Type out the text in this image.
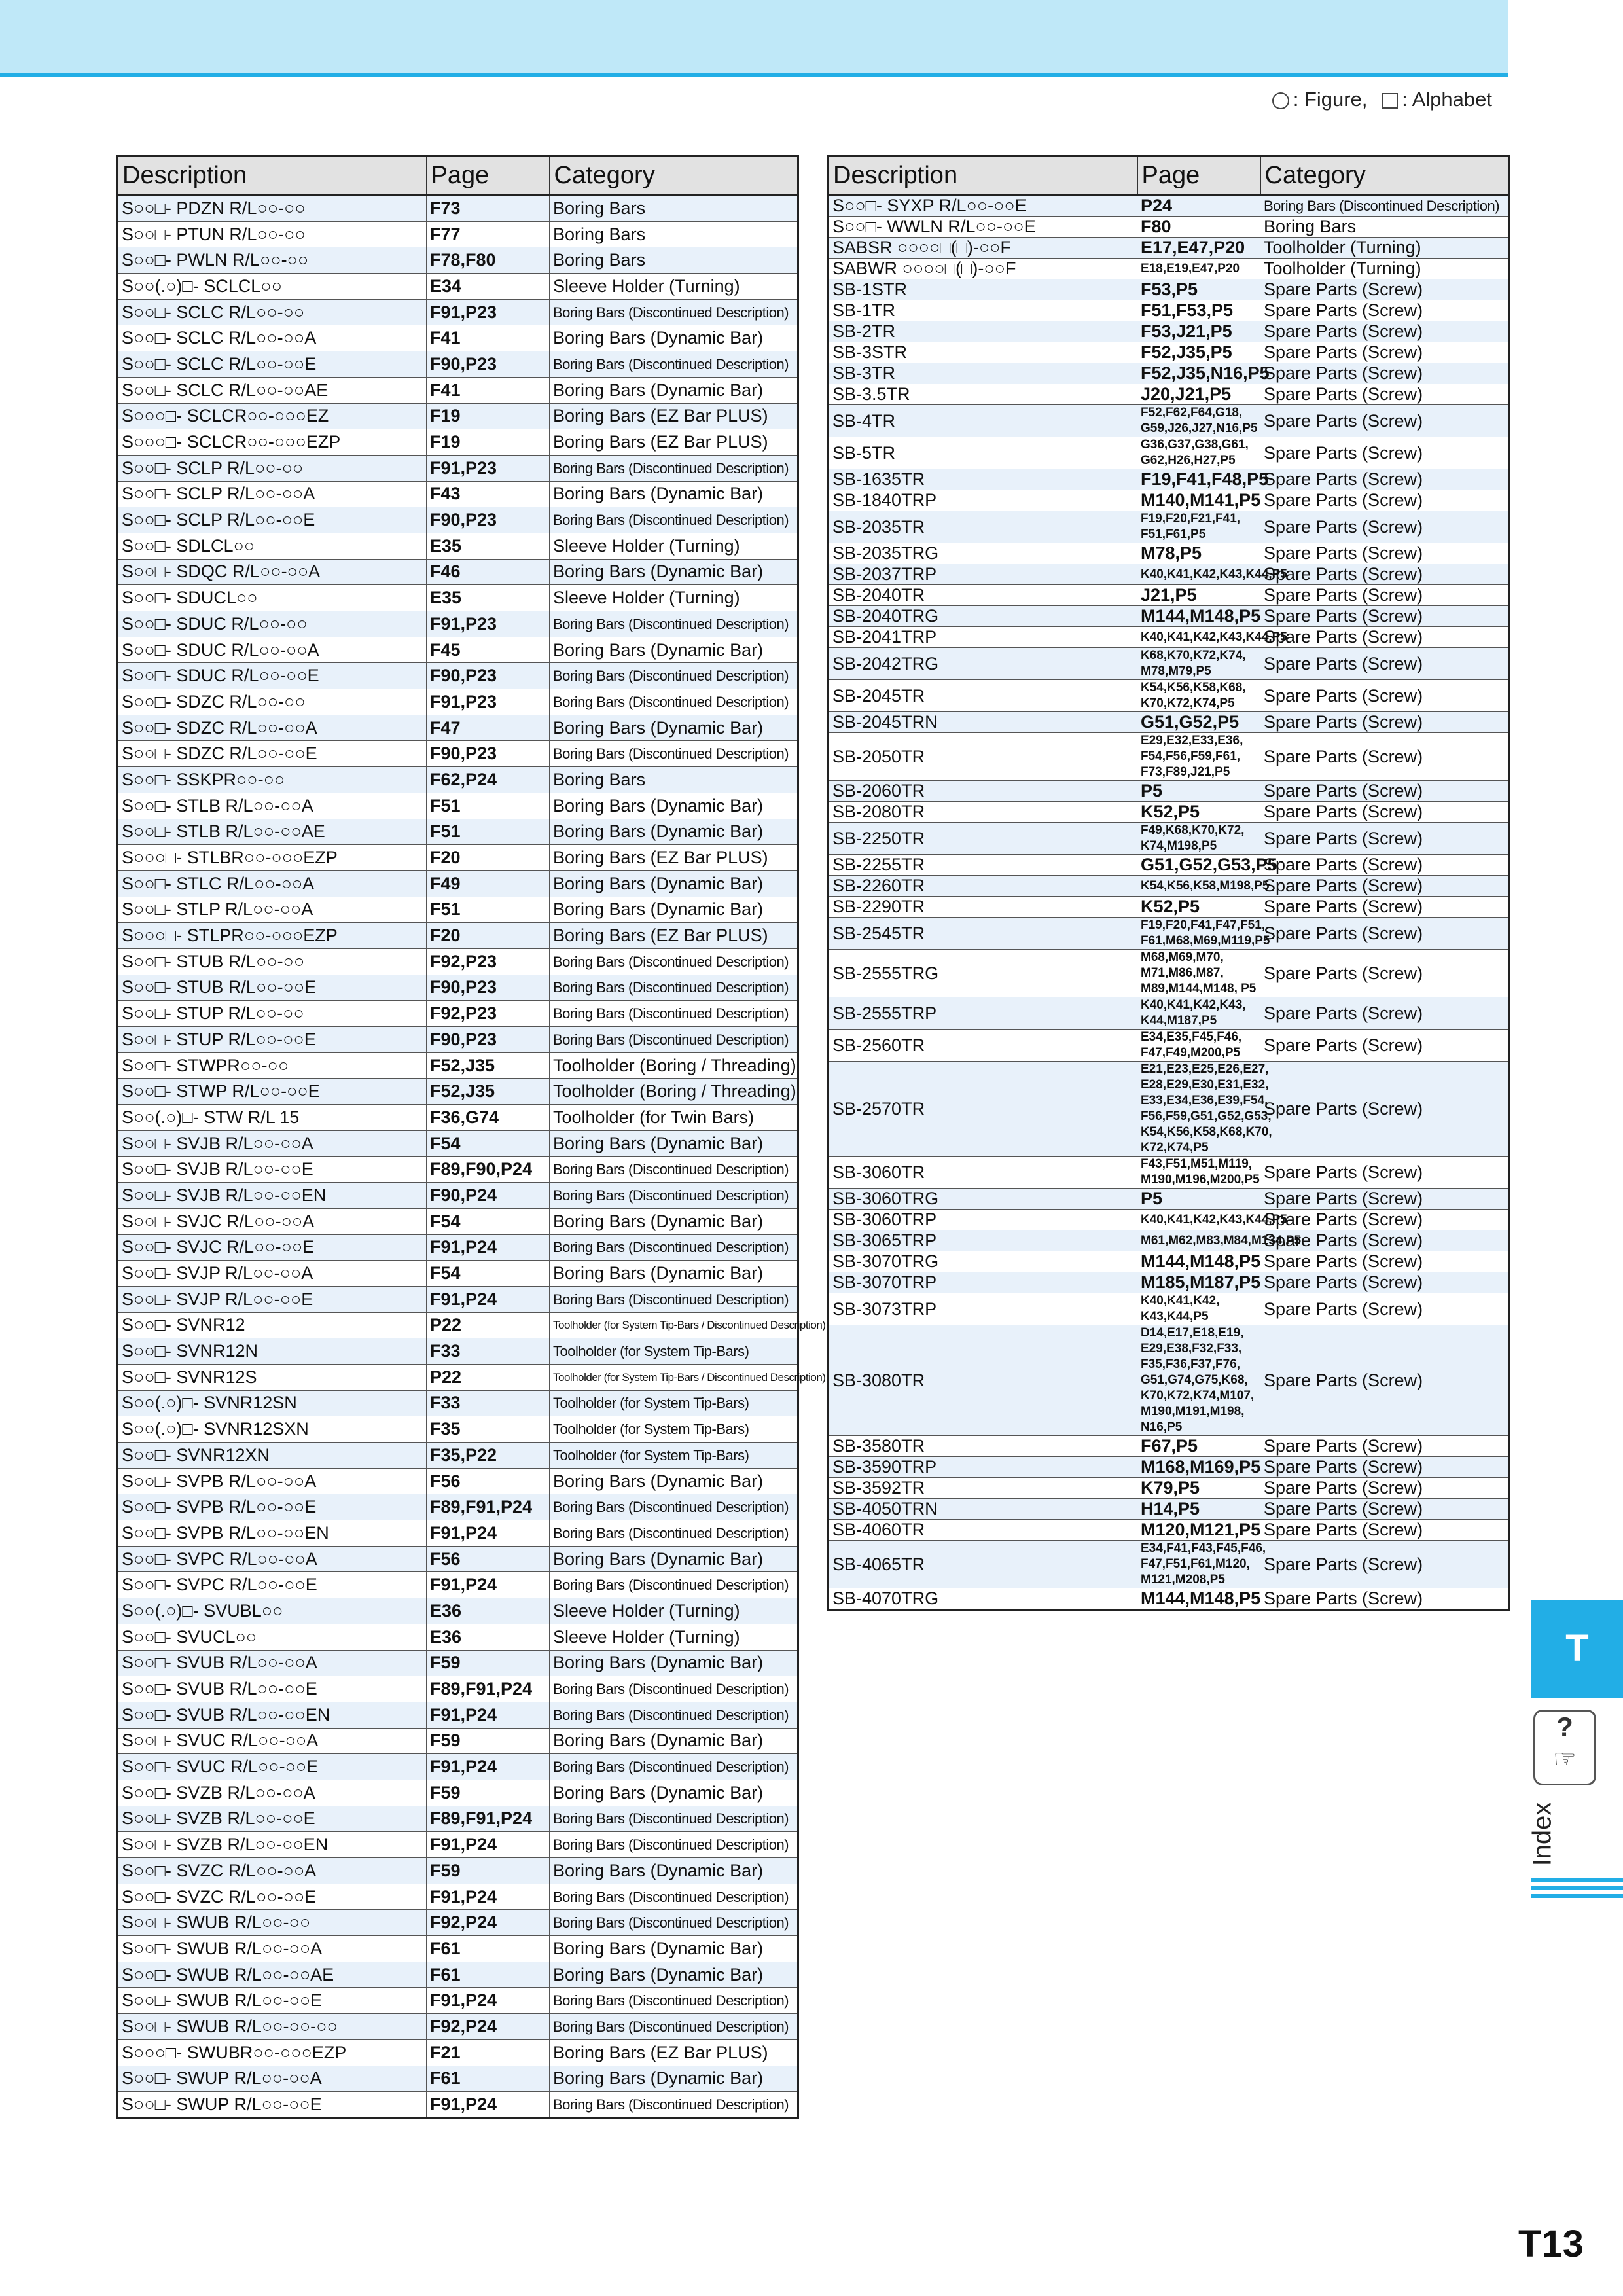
: Figure, : Alphabet
Description	Page	Category
S○○□- PDZN R/L○○-○○	F73	Boring Bars
S○○□- PTUN R/L○○-○○	F77	Boring Bars
S○○□- PWLN R/L○○-○○	F78,F80	Boring Bars
S○○(.○)□- SCLCL○○	E34	Sleeve Holder (Turning)
S○○□- SCLC R/L○○-○○	F91,P23	Boring Bars (Discontinued Description)
S○○□- SCLC R/L○○-○○A	F41	Boring Bars (Dynamic Bar)
S○○□- SCLC R/L○○-○○E	F90,P23	Boring Bars (Discontinued Description)
S○○□- SCLC R/L○○-○○AE	F41	Boring Bars (Dynamic Bar)
S○○○□- SCLCR○○-○○○EZ	F19	Boring Bars (EZ Bar PLUS)
S○○○□- SCLCR○○-○○○EZP	F19	Boring Bars (EZ Bar PLUS)
S○○□- SCLP R/L○○-○○	F91,P23	Boring Bars (Discontinued Description)
S○○□- SCLP R/L○○-○○A	F43	Boring Bars (Dynamic Bar)
S○○□- SCLP R/L○○-○○E	F90,P23	Boring Bars (Discontinued Description)
S○○□- SDLCL○○	E35	Sleeve Holder (Turning)
S○○□- SDQC R/L○○-○○A	F46	Boring Bars (Dynamic Bar)
S○○□- SDUCL○○	E35	Sleeve Holder (Turning)
S○○□- SDUC R/L○○-○○	F91,P23	Boring Bars (Discontinued Description)
S○○□- SDUC R/L○○-○○A	F45	Boring Bars (Dynamic Bar)
S○○□- SDUC R/L○○-○○E	F90,P23	Boring Bars (Discontinued Description)
S○○□- SDZC R/L○○-○○	F91,P23	Boring Bars (Discontinued Description)
S○○□- SDZC R/L○○-○○A	F47	Boring Bars (Dynamic Bar)
S○○□- SDZC R/L○○-○○E	F90,P23	Boring Bars (Discontinued Description)
S○○□- SSKPR○○-○○	F62,P24	Boring Bars
S○○□- STLB R/L○○-○○A	F51	Boring Bars (Dynamic Bar)
S○○□- STLB R/L○○-○○AE	F51	Boring Bars (Dynamic Bar)
S○○○□- STLBR○○-○○○EZP	F20	Boring Bars (EZ Bar PLUS)
S○○□- STLC R/L○○-○○A	F49	Boring Bars (Dynamic Bar)
S○○□- STLP R/L○○-○○A	F51	Boring Bars (Dynamic Bar)
S○○○□- STLPR○○-○○○EZP	F20	Boring Bars (EZ Bar PLUS)
S○○□- STUB R/L○○-○○	F92,P23	Boring Bars (Discontinued Description)
S○○□- STUB R/L○○-○○E	F90,P23	Boring Bars (Discontinued Description)
S○○□- STUP R/L○○-○○	F92,P23	Boring Bars (Discontinued Description)
S○○□- STUP R/L○○-○○E	F90,P23	Boring Bars (Discontinued Description)
S○○□- STWPR○○-○○	F52,J35	Toolholder (Boring / Threading)
S○○□- STWP R/L○○-○○E	F52,J35	Toolholder (Boring / Threading)
S○○(.○)□- STW R/L 15	F36,G74	Toolholder (for Twin Bars)
S○○□- SVJB R/L○○-○○A	F54	Boring Bars (Dynamic Bar)
S○○□- SVJB R/L○○-○○E	F89,F90,P24	Boring Bars (Discontinued Description)
S○○□- SVJB R/L○○-○○EN	F90,P24	Boring Bars (Discontinued Description)
S○○□- SVJC R/L○○-○○A	F54	Boring Bars (Dynamic Bar)
S○○□- SVJC R/L○○-○○E	F91,P24	Boring Bars (Discontinued Description)
S○○□- SVJP R/L○○-○○A	F54	Boring Bars (Dynamic Bar)
S○○□- SVJP R/L○○-○○E	F91,P24	Boring Bars (Discontinued Description)
S○○□- SVNR12	P22	Toolholder (for System Tip-Bars / Discontinued Description)
S○○□- SVNR12N	F33	Toolholder (for System Tip-Bars)
S○○□- SVNR12S	P22	Toolholder (for System Tip-Bars / Discontinued Description)
S○○(.○)□- SVNR12SN	F33	Toolholder (for System Tip-Bars)
S○○(.○)□- SVNR12SXN	F35	Toolholder (for System Tip-Bars)
S○○□- SVNR12XN	F35,P22	Toolholder (for System Tip-Bars)
S○○□- SVPB R/L○○-○○A	F56	Boring Bars (Dynamic Bar)
S○○□- SVPB R/L○○-○○E	F89,F91,P24	Boring Bars (Discontinued Description)
S○○□- SVPB R/L○○-○○EN	F91,P24	Boring Bars (Discontinued Description)
S○○□- SVPC R/L○○-○○A	F56	Boring Bars (Dynamic Bar)
S○○□- SVPC R/L○○-○○E	F91,P24	Boring Bars (Discontinued Description)
S○○(.○)□- SVUBL○○	E36	Sleeve Holder (Turning)
S○○□- SVUCL○○	E36	Sleeve Holder (Turning)
S○○□- SVUB R/L○○-○○A	F59	Boring Bars (Dynamic Bar)
S○○□- SVUB R/L○○-○○E	F89,F91,P24	Boring Bars (Discontinued Description)
S○○□- SVUB R/L○○-○○EN	F91,P24	Boring Bars (Discontinued Description)
S○○□- SVUC R/L○○-○○A	F59	Boring Bars (Dynamic Bar)
S○○□- SVUC R/L○○-○○E	F91,P24	Boring Bars (Discontinued Description)
S○○□- SVZB R/L○○-○○A	F59	Boring Bars (Dynamic Bar)
S○○□- SVZB R/L○○-○○E	F89,F91,P24	Boring Bars (Discontinued Description)
S○○□- SVZB R/L○○-○○EN	F91,P24	Boring Bars (Discontinued Description)
S○○□- SVZC R/L○○-○○A	F59	Boring Bars (Dynamic Bar)
S○○□- SVZC R/L○○-○○E	F91,P24	Boring Bars (Discontinued Description)
S○○□- SWUB R/L○○-○○	F92,P24	Boring Bars (Discontinued Description)
S○○□- SWUB R/L○○-○○A	F61	Boring Bars (Dynamic Bar)
S○○□- SWUB R/L○○-○○AE	F61	Boring Bars (Dynamic Bar)
S○○□- SWUB R/L○○-○○E	F91,P24	Boring Bars (Discontinued Description)
S○○□- SWUB R/L○○-○○-○○	F92,P24	Boring Bars (Discontinued Description)
S○○○□- SWUBR○○-○○○EZP	F21	Boring Bars (EZ Bar PLUS)
S○○□- SWUP R/L○○-○○A	F61	Boring Bars (Dynamic Bar)
S○○□- SWUP R/L○○-○○E	F91,P24	Boring Bars (Discontinued Description)
Description	Page	Category
S○○□- SYXP R/L○○-○○E	P24	Boring Bars (Discontinued Description)
S○○□- WWLN R/L○○-○○E	F80	Boring Bars
SABSR ○○○○□(□)-○○F	E17,E47,P20	Toolholder (Turning)
SABWR ○○○○□(□)-○○F	E18,E19,E47,P20	Toolholder (Turning)
SB-1STR	F53,P5	Spare Parts (Screw)
SB-1TR	F51,F53,P5	Spare Parts (Screw)
SB-2TR	F53,J21,P5	Spare Parts (Screw)
SB-3STR	F52,J35,P5	Spare Parts (Screw)
SB-3TR	F52,J35,N16,P5	Spare Parts (Screw)
SB-3.5TR	J20,J21,P5	Spare Parts (Screw)
SB-4TR	F52,F62,F64,G18, G59,J26,J27,N16,P5	Spare Parts (Screw)
SB-5TR	G36,G37,G38,G61, G62,H26,H27,P5	Spare Parts (Screw)
SB-1635TR	F19,F41,F48,P5	Spare Parts (Screw)
SB-1840TRP	M140,M141,P5	Spare Parts (Screw)
SB-2035TR	F19,F20,F21,F41, F51,F61,P5	Spare Parts (Screw)
SB-2035TRG	M78,P5	Spare Parts (Screw)
SB-2037TRP	K40,K41,K42,K43,K44,P5	Spare Parts (Screw)
SB-2040TR	J21,P5	Spare Parts (Screw)
SB-2040TRG	M144,M148,P5	Spare Parts (Screw)
SB-2041TRP	K40,K41,K42,K43,K44,P5	Spare Parts (Screw)
SB-2042TRG	K68,K70,K72,K74, M78,M79,P5	Spare Parts (Screw)
SB-2045TR	K54,K56,K58,K68, K70,K72,K74,P5	Spare Parts (Screw)
SB-2045TRN	G51,G52,P5	Spare Parts (Screw)
SB-2050TR	E29,E32,E33,E36, F54,F56,F59,F61, F73,F89,J21,P5	Spare Parts (Screw)
SB-2060TR	P5	Spare Parts (Screw)
SB-2080TR	K52,P5	Spare Parts (Screw)
SB-2250TR	F49,K68,K70,K72, K74,M198,P5	Spare Parts (Screw)
SB-2255TR	G51,G52,G53,P5	Spare Parts (Screw)
SB-2260TR	K54,K56,K58,M198,P5	Spare Parts (Screw)
SB-2290TR	K52,P5	Spare Parts (Screw)
SB-2545TR	F19,F20,F41,F47,F51, F61,M68,M69,M119,P5	Spare Parts (Screw)
SB-2555TRG	M68,M69,M70, M71,M86,M87, M89,M144,M148, P5	Spare Parts (Screw)
SB-2555TRP	K40,K41,K42,K43, K44,M187,P5	Spare Parts (Screw)
SB-2560TR	E34,E35,F45,F46, F47,F49,M200,P5	Spare Parts (Screw)
SB-2570TR	E21,E23,E25,E26,E27, E28,E29,E30,E31,E32, E33,E34,E36,E39,F54, F56,F59,G51,G52,G53, K54,K56,K58,K68,K70, K72,K74,P5	Spare Parts (Screw)
SB-3060TR	F43,F51,M51,M119, M190,M196,M200,P5	Spare Parts (Screw)
SB-3060TRG	P5	Spare Parts (Screw)
SB-3060TRP	K40,K41,K42,K43,K44,P5	Spare Parts (Screw)
SB-3065TRP	M61,M62,M83,M84,M134,P5	Spare Parts (Screw)
SB-3070TRG	M144,M148,P5	Spare Parts (Screw)
SB-3070TRP	M185,M187,P5	Spare Parts (Screw)
SB-3073TRP	K40,K41,K42, K43,K44,P5	Spare Parts (Screw)
SB-3080TR	D14,E17,E18,E19, E29,E38,F32,F33, F35,F36,F37,F76, G51,G74,G75,K68, K70,K72,K74,M107, M190,M191,M198, N16,P5	Spare Parts (Screw)
SB-3580TR	F67,P5	Spare Parts (Screw)
SB-3590TRP	M168,M169,P5	Spare Parts (Screw)
SB-3592TR	K79,P5	Spare Parts (Screw)
SB-4050TRN	H14,P5	Spare Parts (Screw)
SB-4060TR	M120,M121,P5	Spare Parts (Screw)
SB-4065TR	E34,F41,F43,F45,F46, F47,F51,F61,M120, M121,M208,P5	Spare Parts (Screw)
SB-4070TRG	M144,M148,P5	Spare Parts (Screw)
T
?
☞
Index
T13
